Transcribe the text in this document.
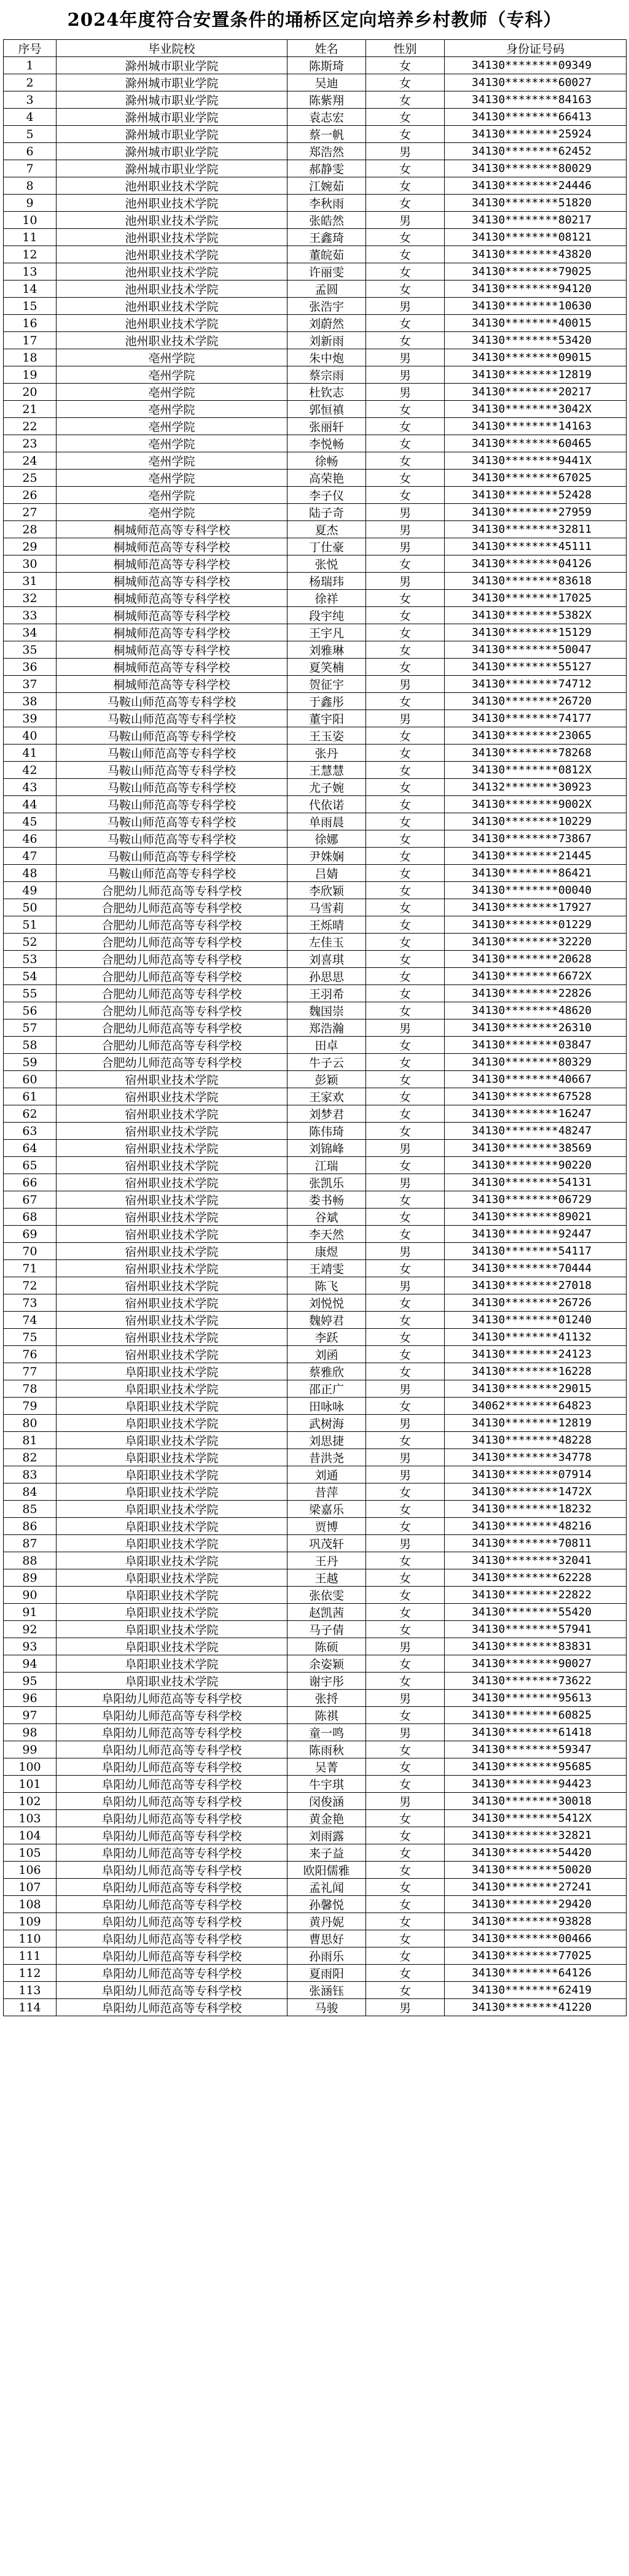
2024年度符合安置条件的埇桥区定向培养乡村教师（专科）
序号	毕业院校	姓名	性别	身份证号码
1	滁州城市职业学院	陈斯琦	女	34130********09349
2	滁州城市职业学院	吴迪	女	34130********60027
3	滁州城市职业学院	陈紫翔	女	34130********84163
4	滁州城市职业学院	袁志宏	女	34130********66413
5	滁州城市职业学院	蔡一帆	女	34130********25924
6	滁州城市职业学院	郑浩然	男	34130********62452
7	滁州城市职业学院	郝静雯	女	34130********80029
8	池州职业技术学院	江婉茹	女	34130********24446
9	池州职业技术学院	李秋雨	女	34130********51820
10	池州职业技术学院	张皓然	男	34130********80217
11	池州职业技术学院	王鑫琦	女	34130********08121
12	池州职业技术学院	董皖茹	女	34130********43820
13	池州职业技术学院	许丽雯	女	34130********79025
14	池州职业技术学院	孟圆	女	34130********94120
15	池州职业技术学院	张浩宇	男	34130********10630
16	池州职业技术学院	刘蔚然	女	34130********40015
17	池州职业技术学院	刘新雨	女	34130********53420
18	亳州学院	朱中炮	男	34130********09015
19	亳州学院	蔡宗雨	男	34130********12819
20	亳州学院	杜钦志	男	34130********20217
21	亳州学院	郭恒禛	女	34130********3042X
22	亳州学院	张丽轩	女	34130********14163
23	亳州学院	李悦畅	女	34130********60465
24	亳州学院	徐畅	女	34130********9441X
25	亳州学院	高荣艳	女	34130********67025
26	亳州学院	李子仪	女	34130********52428
27	亳州学院	陆子奇	男	34130********27959
28	桐城师范高等专科学校	夏杰	男	34130********32811
29	桐城师范高等专科学校	丁仕豪	男	34130********45111
30	桐城师范高等专科学校	张悦	女	34130********04126
31	桐城师范高等专科学校	杨瑞玮	男	34130********83618
32	桐城师范高等专科学校	徐祥	女	34130********17025
33	桐城师范高等专科学校	段宇纯	女	34130********5382X
34	桐城师范高等专科学校	王宇凡	女	34130********15129
35	桐城师范高等专科学校	刘雅琳	女	34130********50047
36	桐城师范高等专科学校	夏笑楠	女	34130********55127
37	桐城师范高等专科学校	贺征宇	男	34130********74712
38	马鞍山师范高等专科学校	于鑫彤	女	34130********26720
39	马鞍山师范高等专科学校	董宇阳	男	34130********74177
40	马鞍山师范高等专科学校	王玉姿	女	34130********23065
41	马鞍山师范高等专科学校	张丹	女	34130********78268
42	马鞍山师范高等专科学校	王慧慧	女	34130********0812X
43	马鞍山师范高等专科学校	尤子婉	女	34132********30923
44	马鞍山师范高等专科学校	代依诺	女	34130********9002X
45	马鞍山师范高等专科学校	单雨晨	女	34130********10229
46	马鞍山师范高等专科学校	徐娜	女	34130********73867
47	马鞍山师范高等专科学校	尹姝娴	女	34130********21445
48	马鞍山师范高等专科学校	吕婧	女	34130********86421
49	合肥幼儿师范高等专科学校	李欣颖	女	34130********00040
50	合肥幼儿师范高等专科学校	马雪莉	女	34130********17927
51	合肥幼儿师范高等专科学校	王烁晴	女	34130********01229
52	合肥幼儿师范高等专科学校	左佳玉	女	34130********32220
53	合肥幼儿师范高等专科学校	刘喜琪	女	34130********20628
54	合肥幼儿师范高等专科学校	孙思思	女	34130********6672X
55	合肥幼儿师范高等专科学校	王羽希	女	34130********22826
56	合肥幼儿师范高等专科学校	魏国崇	女	34130********48620
57	合肥幼儿师范高等专科学校	郑浩瀚	男	34130********26310
58	合肥幼儿师范高等专科学校	田卓	女	34130********03847
59	合肥幼儿师范高等专科学校	牛子云	女	34130********80329
60	宿州职业技术学院	彭颖	女	34130********40667
61	宿州职业技术学院	王家欢	女	34130********67528
62	宿州职业技术学院	刘梦君	女	34130********16247
63	宿州职业技术学院	陈伟琦	女	34130********48247
64	宿州职业技术学院	刘锦峰	男	34130********38569
65	宿州职业技术学院	江瑞	女	34130********90220
66	宿州职业技术学院	张凯乐	男	34130********54131
67	宿州职业技术学院	娄书畅	女	34130********06729
68	宿州职业技术学院	谷斌	女	34130********89021
69	宿州职业技术学院	李天然	女	34130********92447
70	宿州职业技术学院	康煜	男	34130********54117
71	宿州职业技术学院	王靖雯	女	34130********70444
72	宿州职业技术学院	陈飞	男	34130********27018
73	宿州职业技术学院	刘悦悦	女	34130********26726
74	宿州职业技术学院	魏婷君	女	34130********01240
75	宿州职业技术学院	李跃	女	34130********41132
76	宿州职业技术学院	刘函	女	34130********24123
77	阜阳职业技术学院	蔡雅欣	女	34130********16228
78	阜阳职业技术学院	邵正广	男	34130********29015
79	阜阳职业技术学院	田咏咏	女	34062********64823
80	阜阳职业技术学院	武树海	男	34130********12819
81	阜阳职业技术学院	刘思捷	女	34130********48228
82	阜阳职业技术学院	昔洪尧	男	34130********34778
83	阜阳职业技术学院	刘通	男	34130********07914
84	阜阳职业技术学院	昔萍	女	34130********1472X
85	阜阳职业技术学院	梁嘉乐	女	34130********18232
86	阜阳职业技术学院	贾博	女	34130********48216
87	阜阳职业技术学院	巩茂轩	男	34130********70811
88	阜阳职业技术学院	王丹	女	34130********32041
89	阜阳职业技术学院	王越	女	34130********62228
90	阜阳职业技术学院	张依雯	女	34130********22822
91	阜阳职业技术学院	赵凯茜	女	34130********55420
92	阜阳职业技术学院	马子倩	女	34130********57941
93	阜阳职业技术学院	陈硕	男	34130********83831
94	阜阳职业技术学院	余姿颖	女	34130********90027
95	阜阳职业技术学院	谢宇彤	女	34130********73622
96	阜阳幼儿师范高等专科学校	张捋	男	34130********95613
97	阜阳幼儿师范高等专科学校	陈祺	女	34130********60825
98	阜阳幼儿师范高等专科学校	童一鸣	男	34130********61418
99	阜阳幼儿师范高等专科学校	陈雨秋	女	34130********59347
100	阜阳幼儿师范高等专科学校	吴菁	女	34130********95685
101	阜阳幼儿师范高等专科学校	牛宇琪	女	34130********94423
102	阜阳幼儿师范高等专科学校	闵俊涵	男	34130********30018
103	阜阳幼儿师范高等专科学校	黄金艳	女	34130********5412X
104	阜阳幼儿师范高等专科学校	刘雨露	女	34130********32821
105	阜阳幼儿师范高等专科学校	来子益	女	34130********54420
106	阜阳幼儿师范高等专科学校	欧阳儒雅	女	34130********50020
107	阜阳幼儿师范高等专科学校	孟礼闻	女	34130********27241
108	阜阳幼儿师范高等专科学校	孙馨悦	女	34130********29420
109	阜阳幼儿师范高等专科学校	黄丹妮	女	34130********93828
110	阜阳幼儿师范高等专科学校	曹思好	女	34130********00466
111	阜阳幼儿师范高等专科学校	孙雨乐	女	34130********77025
112	阜阳幼儿师范高等专科学校	夏雨阳	女	34130********64126
113	阜阳幼儿师范高等专科学校	张涵钰	女	34130********62419
114	阜阳幼儿师范高等专科学校	马骏	男	34130********41220
